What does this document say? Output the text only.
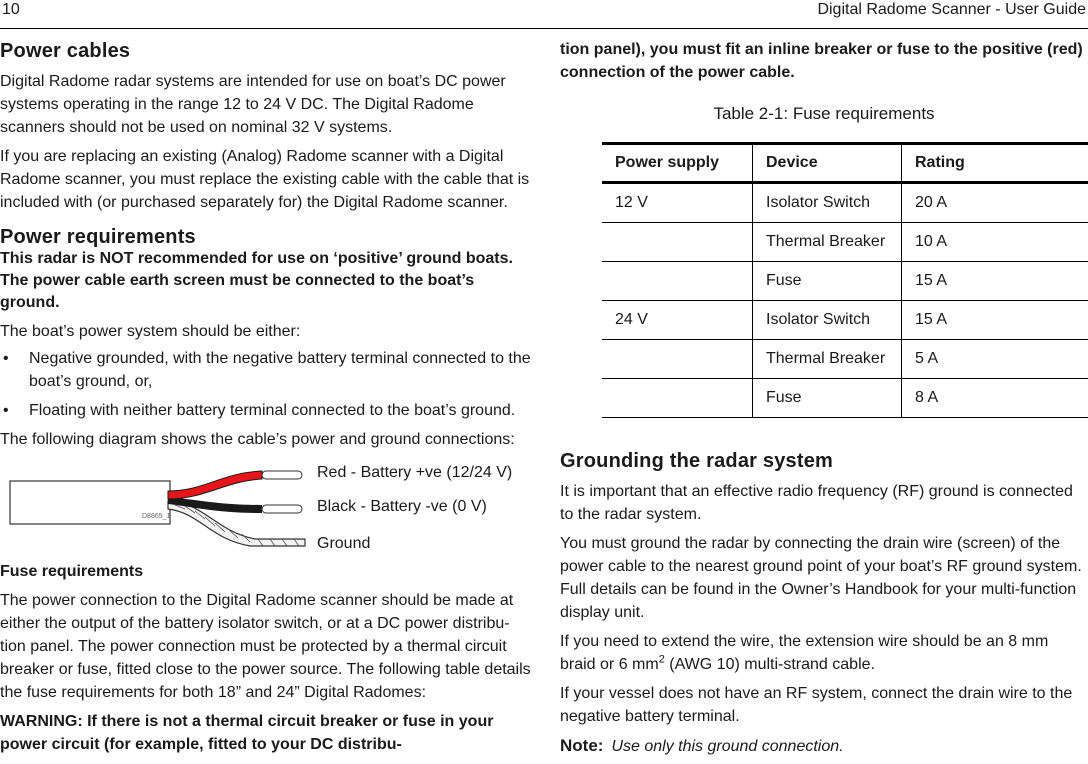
10	Digital Radome Scanner - User Guide
Power cables

Digital Radome radar systems are intended for use on boat’s DC power systems operating in the range 12 to 24 V DC. The Digital Radome scanners should not be used on nominal 32 V systems.

If you are replacing an existing (Analog) Radome scanner with a Digital Radome scanner, you must replace the existing cable with the cable that is included with (or purchased separately for) the Digital Radome scanner.

Power requirements

This radar is NOT recommended for use on ‘positive’ ground boats. The power cable earth screen must be connected to the boat’s ground.

The boat’s power system should be either:

• Negative grounded, with the negative battery terminal connected to the boat’s ground, or,
• Floating with neither battery terminal connected to the boat’s ground.

The following diagram shows the cable’s power and ground connections:

Red - Battery +ve (12/24 V)
Black - Battery -ve (0 V)
Ground
D8865_1
Fuse requirements

The power connection to the Digital Radome scanner should be made at either the output of the battery isolator switch, or at a DC power distribu-tion panel. The power connection must be protected by a thermal circuit breaker or fuse, fitted close to the power source. The following table details the fuse requirements for both 18” and 24” Digital Radomes:

WARNING: If there is not a thermal circuit breaker or fuse in your power circuit (for example, fitted to your DC distribu-

tion panel), you must fit an inline breaker or fuse to the positive (red) connection of the power cable.

Table 2-1: Fuse requirements
Power supply	Device	Rating
12 V	Isolator Switch	20 A
	Thermal Breaker	10 A
	Fuse	15 A
24 V	Isolator Switch	15 A
	Thermal Breaker	5 A
	Fuse	8 A
Grounding the radar system

It is important that an effective radio frequency (RF) ground is connected to the radar system.

You must ground the radar by connecting the drain wire (screen) of the power cable to the nearest ground point of your boat’s RF ground system. Full details can be found in the Owner’s Handbook for your multi-function display unit.

If you need to extend the wire, the extension wire should be an 8 mm braid or 6 $mm^2$ (AWG 10) multi-strand cable.

If your vessel does not have an RF system, connect the drain wire to the negative battery terminal.

Note: Use only this ground connection.
